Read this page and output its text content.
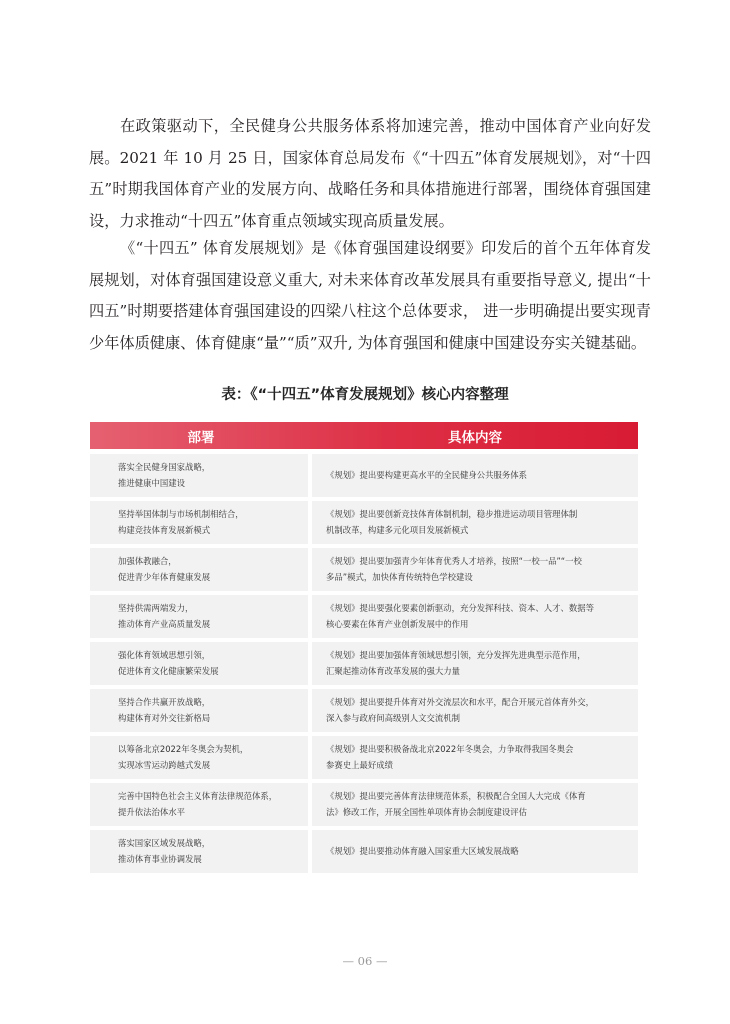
在政策驱动下，全民健身公共服务体系将加速完善，推动中国体育产业向好发展。2021 年 10 月 25 日，国家体育总局发布《“十四五”体育发展规划》，对“十四五”时期我国体育产业的发展方向、战略任务和具体措施进行部署，围绕体育强国建设，力求推动“十四五”体育重点领域实现高质量发展。

《“十四五” 体育发展规划》是《体育强国建设纲要》印发后的首个五年体育发展规划，对体育强国建设意义重大, 对未来体育改革发展具有重要指导意义, 提出“十四五”时期要搭建体育强国建设的四梁八柱这个总体要求， 进一步明确提出要实现青少年体质健康、体育健康“量”“质”双升, 为体育强国和健康中国建设夯实关键基础。

表：《“十四五”体育发展规划》核心内容整理

部署	具体内容
落实全民健身国家战略，
推进健康中国建设
《规划》提出要构建更高水平的全民健身公共服务体系
坚持举国体制与市场机制相结合，
构建竞技体育发展新模式
《规划》提出要创新竞技体育体制机制，稳步推进运动项目管理体制
机制改革，构建多元化项目发展新模式
加强体教融合，
促进青少年体育健康发展
《规划》提出要加强青少年体育优秀人才培养，按照“一校一品”“一校
多品”模式，加快体育传统特色学校建设
坚持供需两端发力，
推动体育产业高质量发展
《规划》提出要强化要素创新驱动，充分发挥科技、资本、人才、数据等
核心要素在体育产业创新发展中的作用
强化体育领域思想引领，
促进体育文化健康繁荣发展
《规划》提出要加强体育领域思想引领，充分发挥先进典型示范作用，
汇聚起推动体育改革发展的强大力量
坚持合作共赢开放战略，
构建体育对外交往新格局
《规划》提出要提升体育对外交流层次和水平，配合开展元首体育外交，
深入参与政府间高级别人文交流机制
以筹备北京2022年冬奥会为契机，
实现冰雪运动跨越式发展
《规划》提出要积极备战北京2022年冬奥会，力争取得我国冬奥会
参赛史上最好成绩
完善中国特色社会主义体育法律规范体系，
提升依法治体水平
《规划》提出要完善体育法律规范体系，积极配合全国人大完成《体育
法》修改工作，开展全国性单项体育协会制度建设评估
落实国家区域发展战略，
推动体育事业协调发展
《规划》提出要推动体育融入国家重大区域发展战略

— 06 —
